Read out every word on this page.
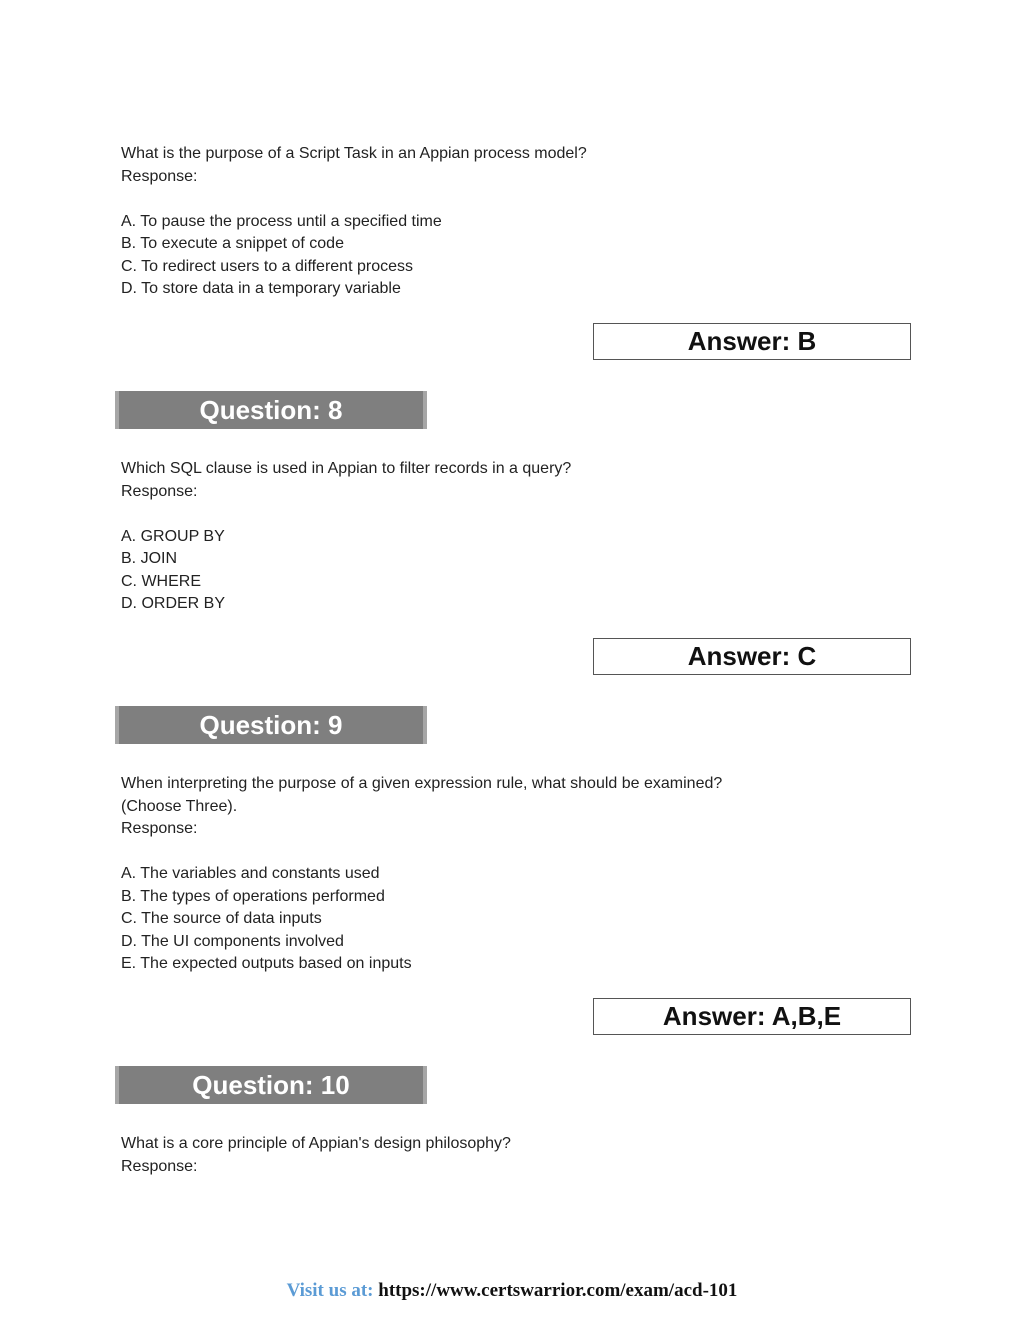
What is the purpose of a Script Task in an Appian process model?

Response:

A. To pause the process until a specified time

B. To execute a snippet of code

C. To redirect users to a different process

D. To store data in a temporary variable

Answer: B
Question: 8

Which SQL clause is used in Appian to filter records in a query?

Response:

A. GROUP BY

B. JOIN

C. WHERE

D. ORDER BY

Answer: C
Question: 9

When interpreting the purpose of a given expression rule, what should be examined?

(Choose Three).

Response:

A. The variables and constants used

B. The types of operations performed

C. The source of data inputs

D. The UI components involved

E. The expected outputs based on inputs

Answer: A,B,E
Question: 10

What is a core principle of Appian's design philosophy?

Response:

Visit us at: https://www.certswarrior.com/exam/acd-101
